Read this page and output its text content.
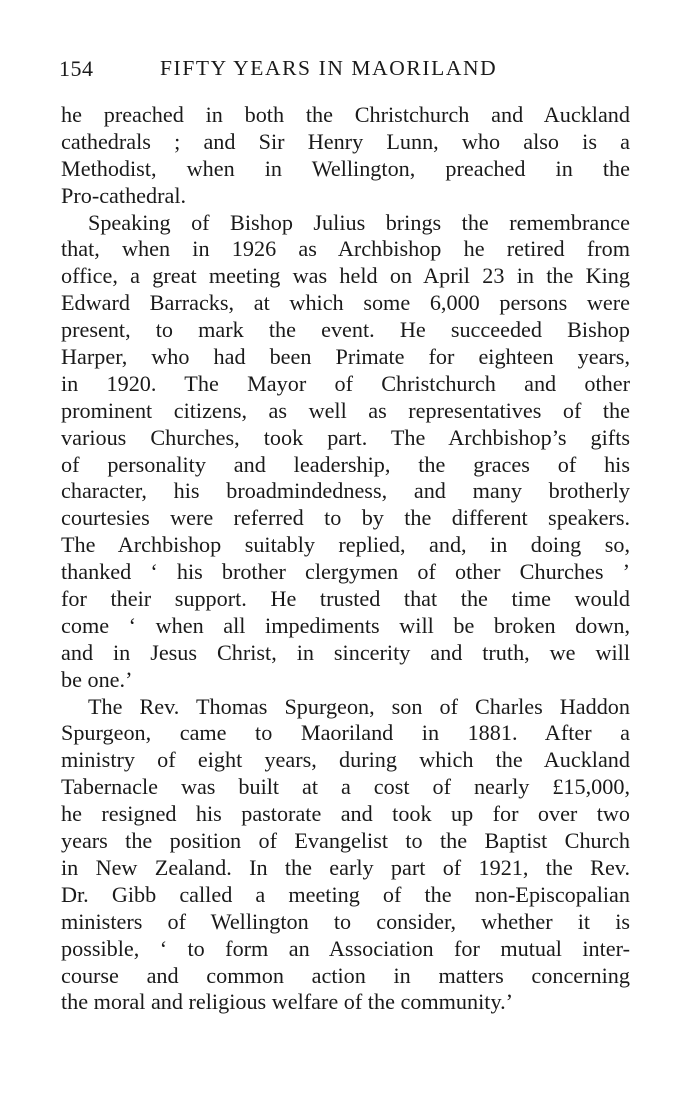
154	FIFTY YEARS IN MAORILAND
he preached in both the Christchurch and Auckland
cathedrals ; and Sir Henry Lunn, who also is a
Methodist, when in Wellington, preached in the
Pro-cathedral.
Speaking of Bishop Julius brings the remembrance
that, when in 1926 as Archbishop he retired from
office, a great meeting was held on April 23 in the King
Edward Barracks, at which some 6,000 persons were
present, to mark the event. He succeeded Bishop
Harper, who had been Primate for eighteen years,
in 1920. The Mayor of Christchurch and other
prominent citizens, as well as representatives of the
various Churches, took part. The Archbishop’s gifts
of personality and leadership, the graces of his
character, his broadmindedness, and many brotherly
courtesies were referred to by the different speakers.
The Archbishop suitably replied, and, in doing so,
thanked ‘ his brother clergymen of other Churches ’
for their support. He trusted that the time would
come ‘ when all impediments will be broken down,
and in Jesus Christ, in sincerity and truth, we will
be one.’
The Rev. Thomas Spurgeon, son of Charles Haddon
Spurgeon, came to Maoriland in 1881. After a
ministry of eight years, during which the Auckland
Tabernacle was built at a cost of nearly £15,000,
he resigned his pastorate and took up for over two
years the position of Evangelist to the Baptist Church
in New Zealand. In the early part of 1921, the Rev.
Dr. Gibb called a meeting of the non-Episcopalian
ministers of Wellington to consider, whether it is
possible, ‘ to form an Association for mutual inter-
course and common action in matters concerning
the moral and religious welfare of the community.’
